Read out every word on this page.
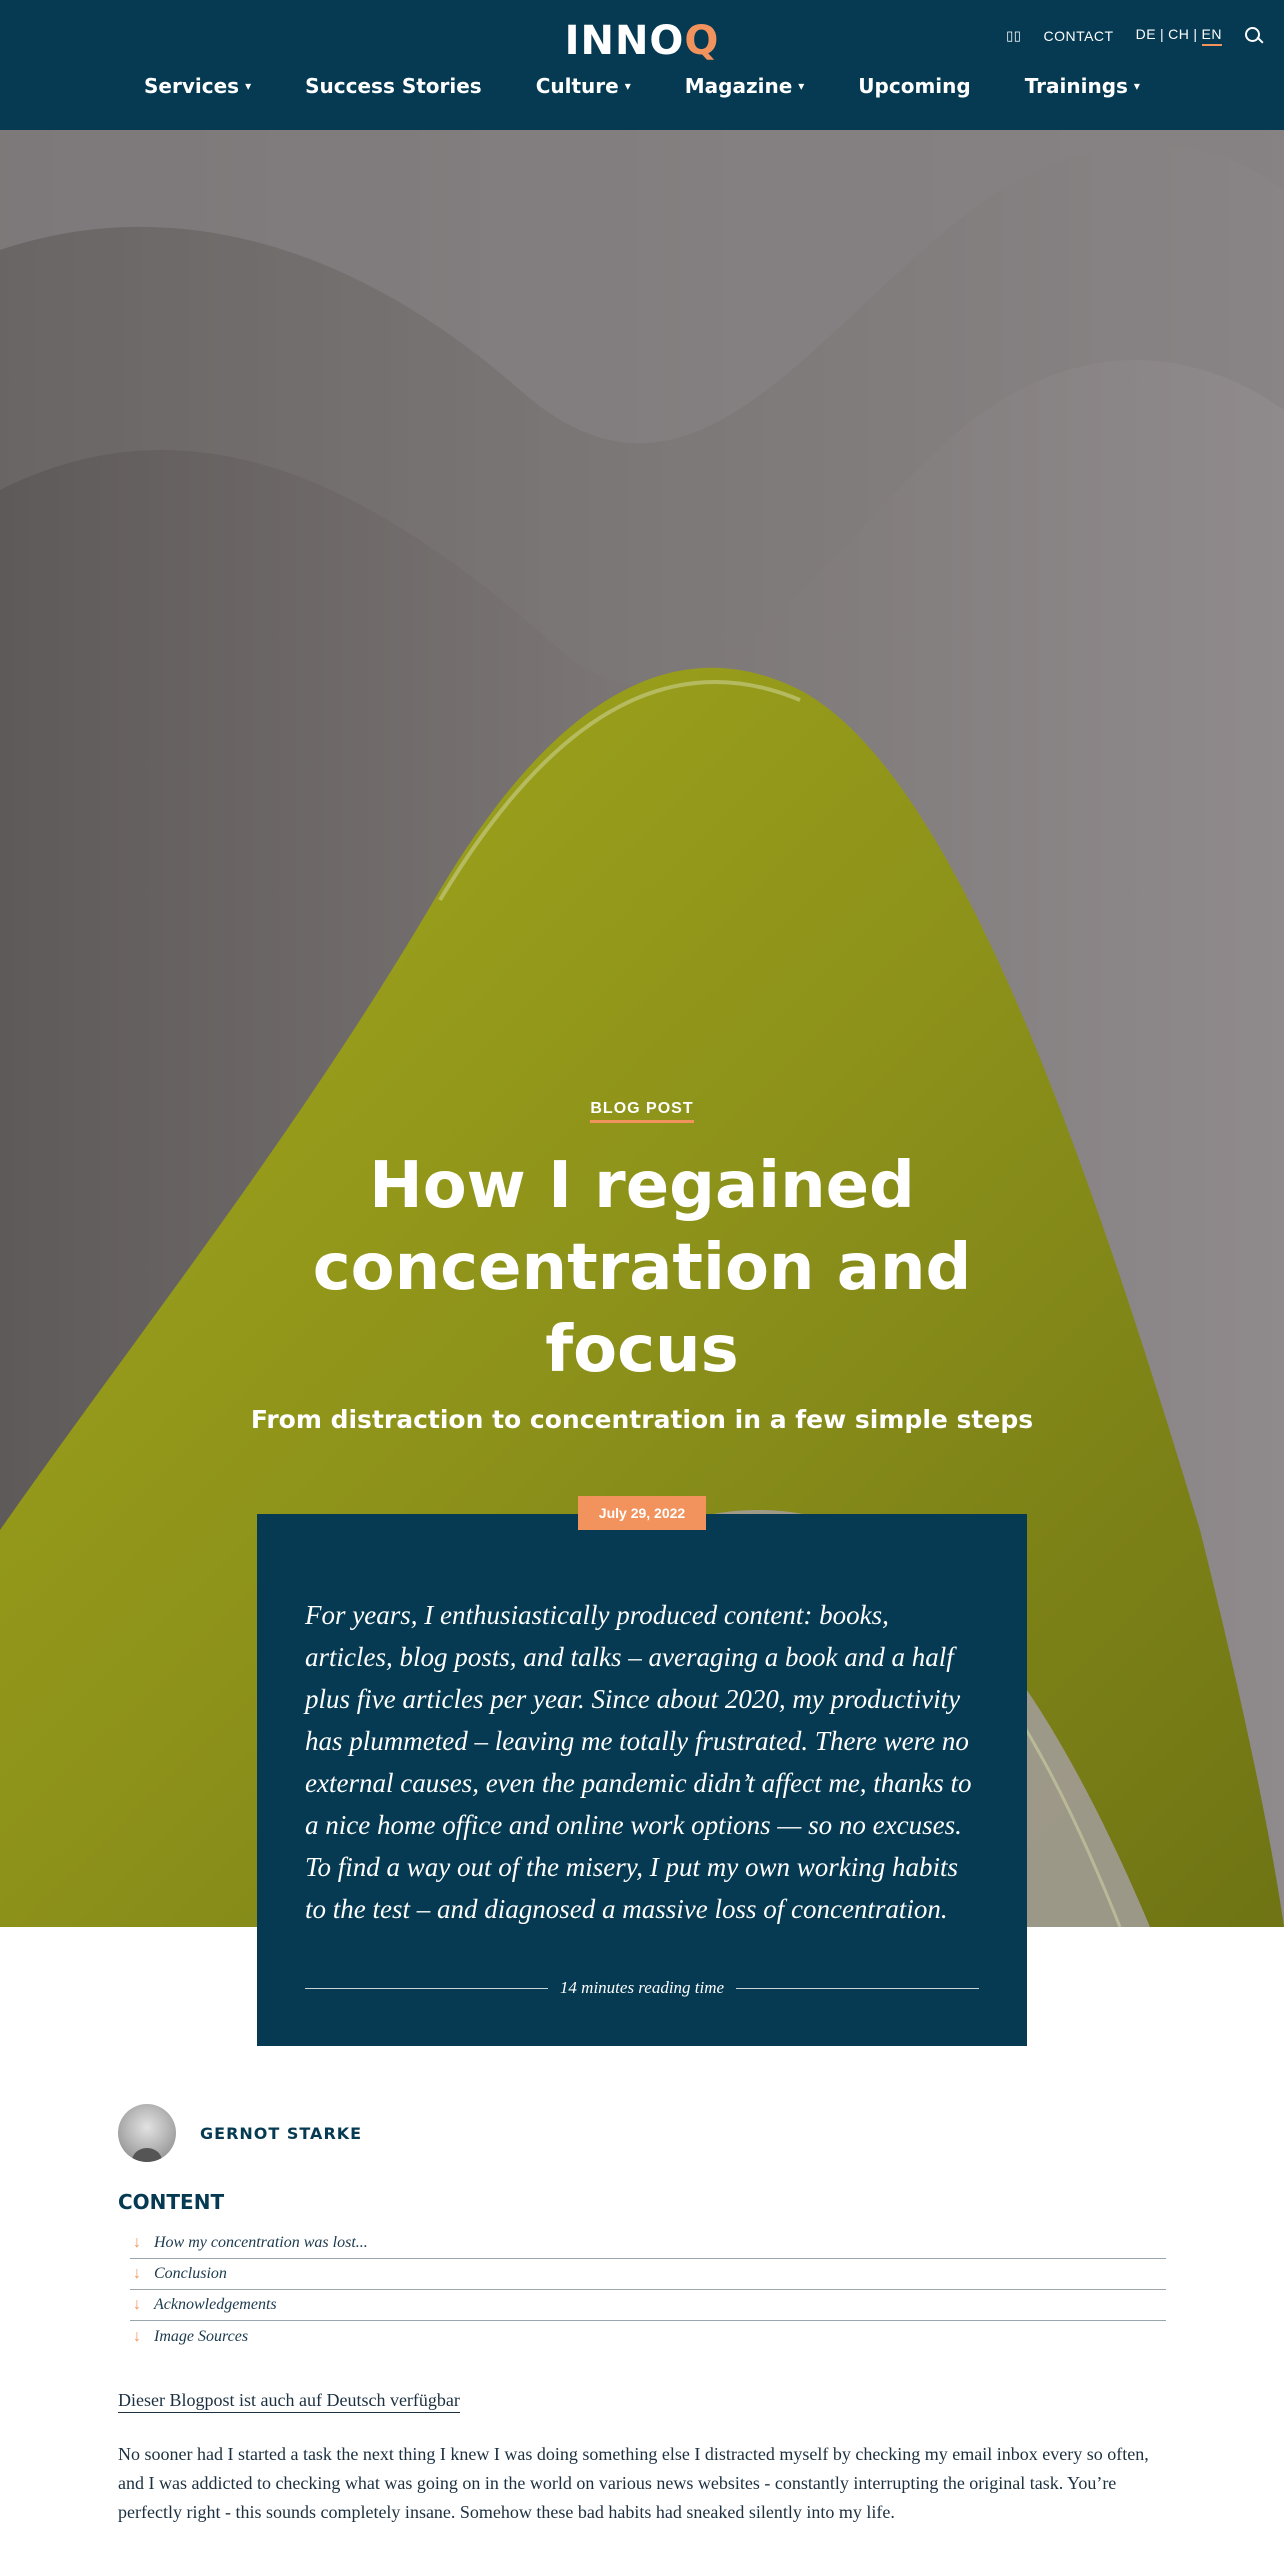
INNO Q	▯▯ CONTACT DE | CH | EN
Services ▾	Success Stories	Culture ▾	Magazine ▾	Upcoming	Trainings ▾
BLOG POST
How I regained concentration and focus
From distraction to concentration in a few simple steps
July 29, 2022

For years, I enthusiastically produced content: books, articles, blog posts, and talks – averaging a book and a half plus five articles per year. Since about 2020, my productivity has plummeted – leaving me totally frustrated. There were no external causes, even the pandemic didn’t affect me, thanks to a nice home office and online work options — so no excuses. To find a way out of the misery, I put my own working habits to the test – and diagnosed a massive loss of concentration.

14 minutes reading time
GERNOT STARKE
CONTENT
↓ How my concentration was lost...
↓ Conclusion
↓ Acknowledgements
↓ Image Sources
Dieser Blogpost ist auch auf Deutsch verfügbar

No sooner had I started a task the next thing I knew I was doing something else I distracted myself by checking my email inbox every so often, and I was addicted to checking what was going on in the world on various news websites - constantly interrupting the original task. You’re perfectly right - this sounds completely insane. Somehow these bad habits had sneaked silently into my life.
